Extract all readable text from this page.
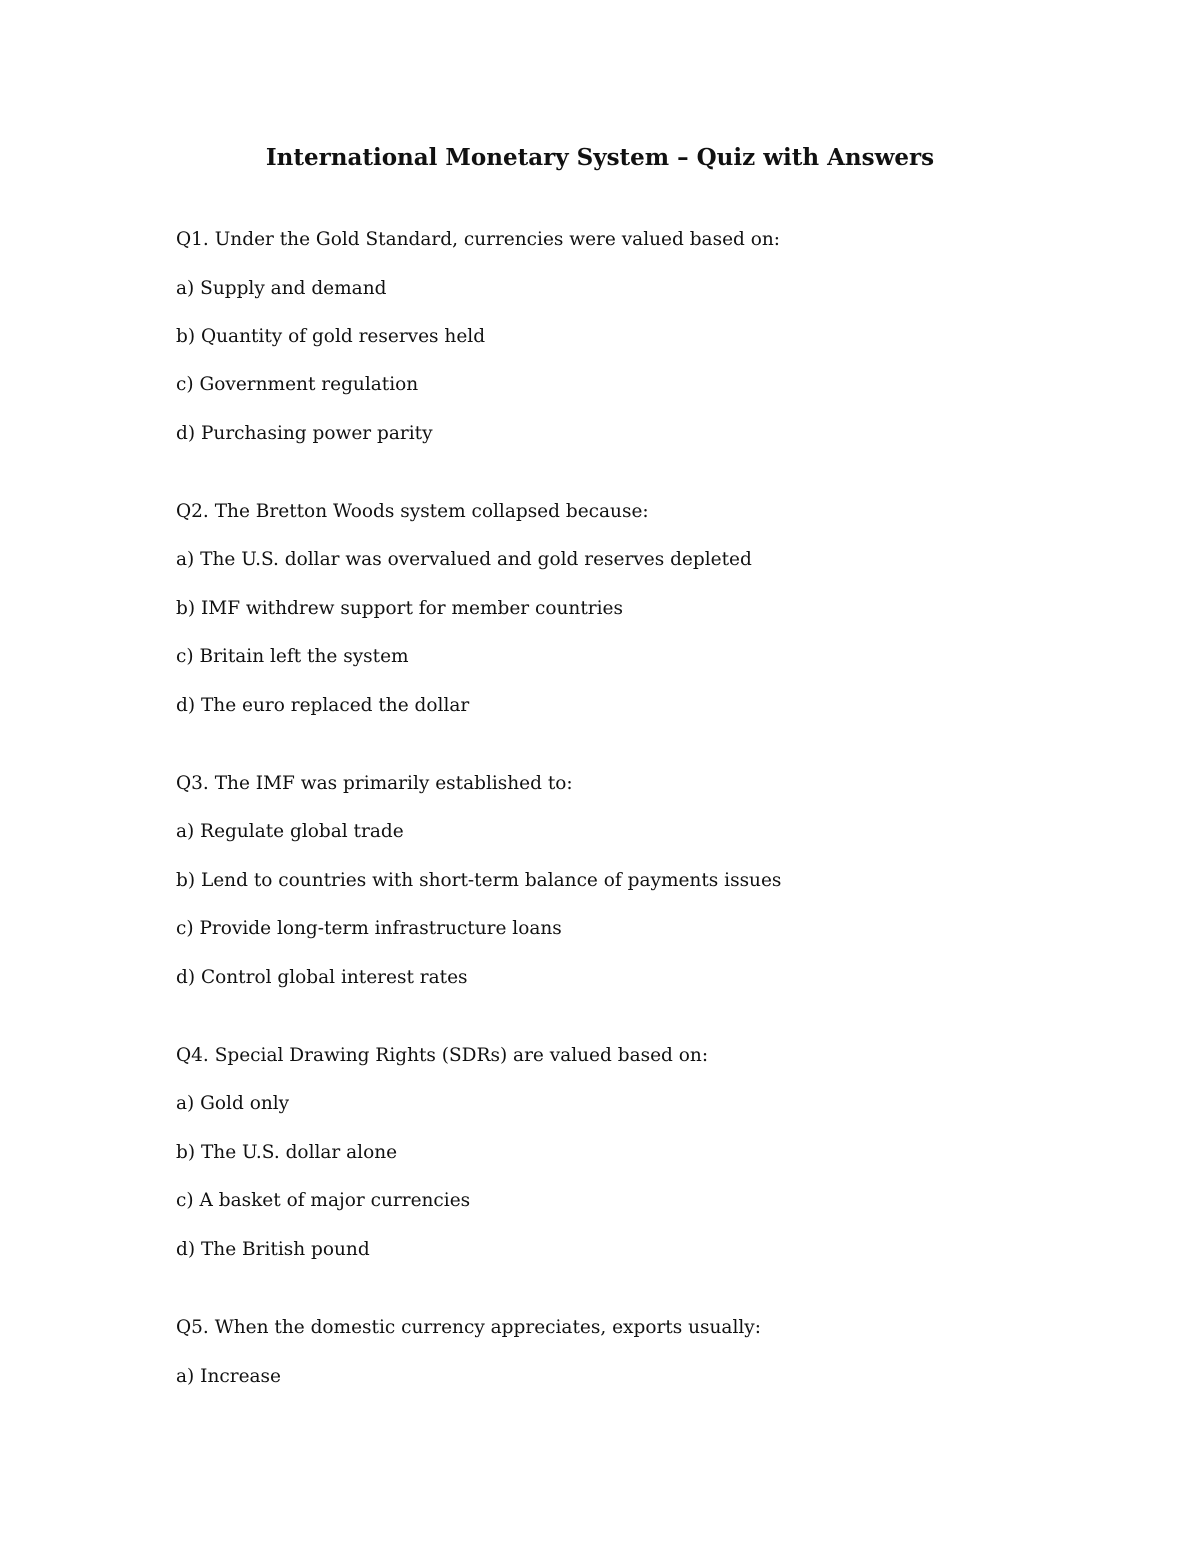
International Monetary System – Quiz with Answers

Q1. Under the Gold Standard, currencies were valued based on:

a) Supply and demand

b) Quantity of gold reserves held

c) Government regulation

d) Purchasing power parity

Q2. The Bretton Woods system collapsed because:

a) The U.S. dollar was overvalued and gold reserves depleted

b) IMF withdrew support for member countries

c) Britain left the system

d) The euro replaced the dollar

Q3. The IMF was primarily established to:

a) Regulate global trade

b) Lend to countries with short-term balance of payments issues

c) Provide long-term infrastructure loans

d) Control global interest rates

Q4. Special Drawing Rights (SDRs) are valued based on:

a) Gold only

b) The U.S. dollar alone

c) A basket of major currencies

d) The British pound

Q5. When the domestic currency appreciates, exports usually:

a) Increase
